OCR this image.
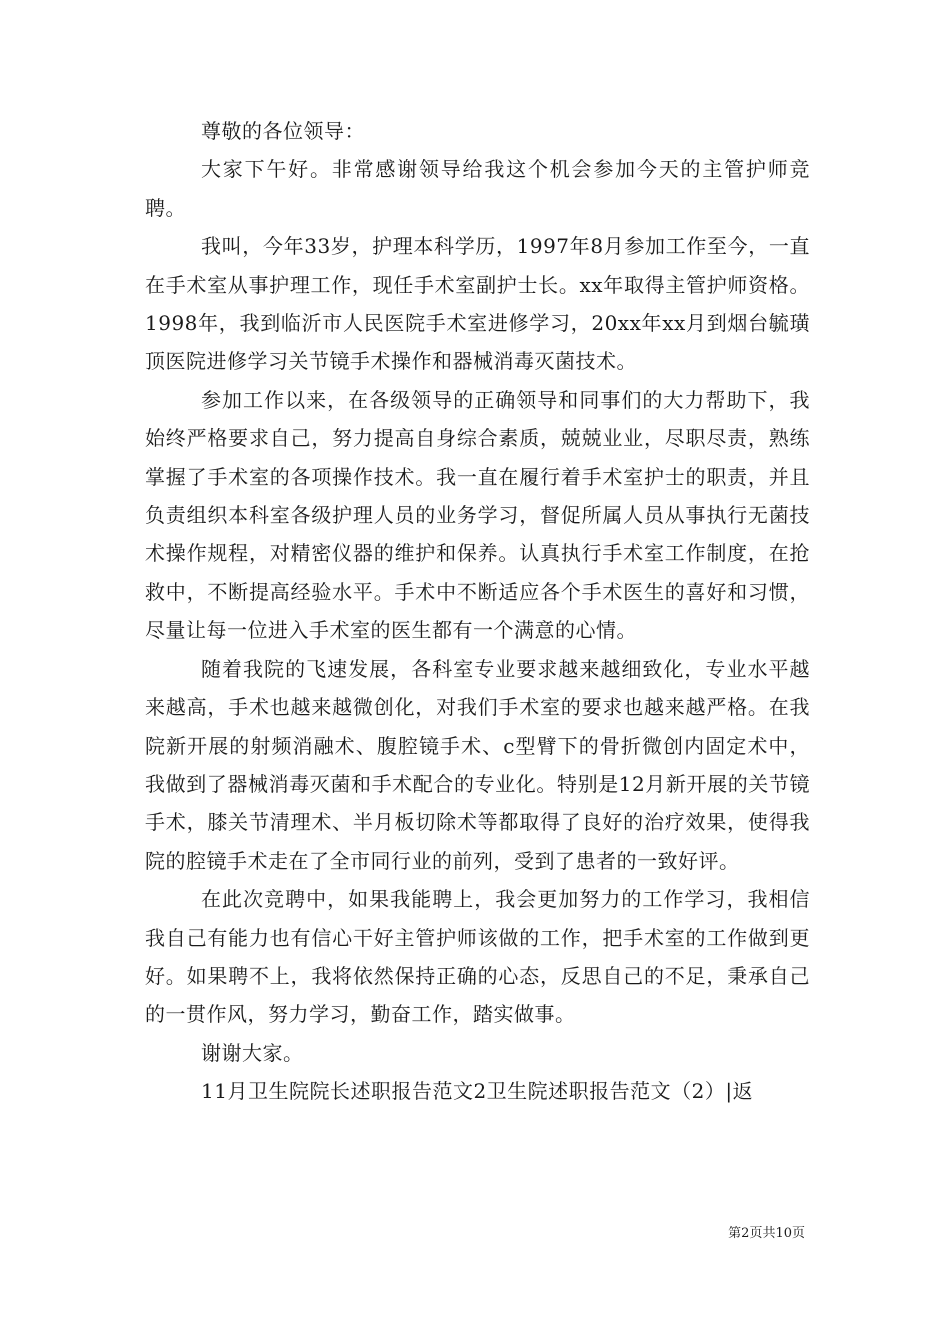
尊敬的各位领导：

大家下午好。非常感谢领导给我这个机会参加今天的主管护师竞聘。

我叫，今年33岁，护理本科学历，1997年8月参加工作至今，一直在手术室从事护理工作，现任手术室副护士长。xx年取得主管护师资格。1998年，我到临沂市人民医院手术室进修学习，20xx年xx月到烟台毓璜顶医院进修学习关节镜手术操作和器械消毒灭菌技术。

参加工作以来，在各级领导的正确领导和同事们的大力帮助下，我始终严格要求自己，努力提高自身综合素质，兢兢业业，尽职尽责，熟练掌握了手术室的各项操作技术。我一直在履行着手术室护士的职责，并且负责组织本科室各级护理人员的业务学习，督促所属人员从事执行无菌技术操作规程，对精密仪器的维护和保养。认真执行手术室工作制度，在抢救中，不断提高经验水平。手术中不断适应各个手术医生的喜好和习惯，尽量让每一位进入手术室的医生都有一个满意的心情。

随着我院的飞速发展，各科室专业要求越来越细致化，专业水平越来越高，手术也越来越微创化，对我们手术室的要求也越来越严格。在我院新开展的射频消融术、腹腔镜手术、c型臂下的骨折微创内固定术中，我做到了器械消毒灭菌和手术配合的专业化。特别是12月新开展的关节镜手术，膝关节清理术、半月板切除术等都取得了良好的治疗效果，使得我院的腔镜手术走在了全市同行业的前列，受到了患者的一致好评。

在此次竞聘中，如果我能聘上，我会更加努力的工作学习，我相信我自己有能力也有信心干好主管护师该做的工作，把手术室的工作做到更好。如果聘不上，我将依然保持正确的心态，反思自己的不足，秉承自己的一贯作风，努力学习，勤奋工作，踏实做事。

谢谢大家。

11月卫生院院长述职报告范文2卫生院述职报告范文（2）|返

第2页共10页
